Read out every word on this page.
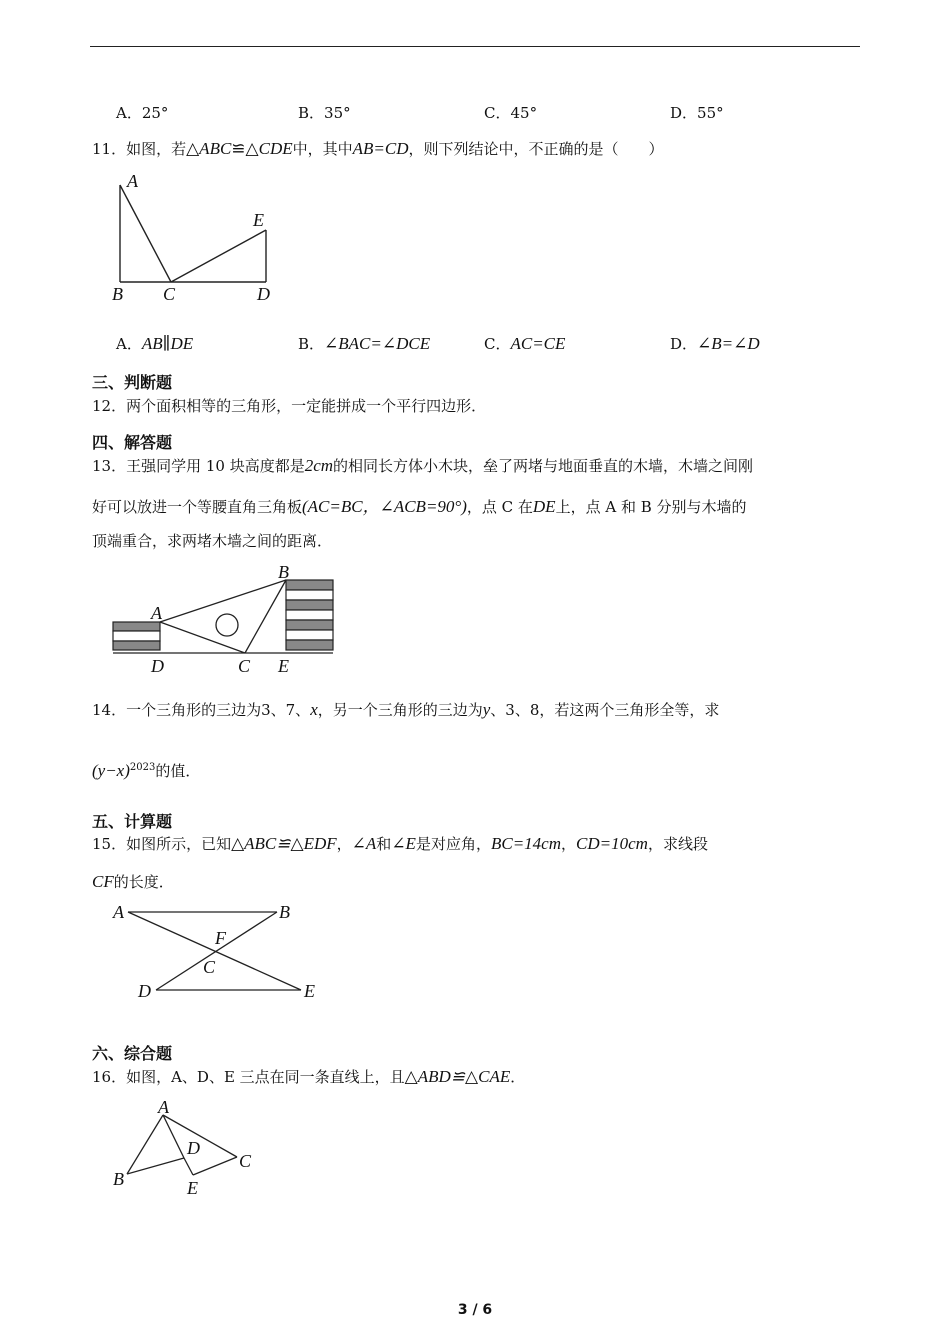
A．25°	B．35°	C．45°	D．55°
11．如图，若△ABC≌△CDE中，其中AB=CD，则下列结论中，不正确的是（　　）
A
B C	D
E
A．AB∥DE	B．∠BAC=∠DCE	C．AC=CE	D．∠B=∠D
三、判断题
12．两个面积相等的三角形，一定能拼成一个平行四边形．
四、解答题
13．王强同学用 10 块高度都是2cm的相同长方体小木块，垒了两堵与地面垂直的木墙，木墙之间刚
好可以放进一个等腰直角三角板(AC=BC，∠ACB=90°)，点 C 在DE上，点 A 和 B 分别与木墙的
顶端重合，求两堵木墙之间的距离．
A
B
C
D	E
14．一个三角形的三边为3、7、x，另一个三角形的三边为y、3、8，若这两个三角形全等，求
$(y-x)^{2023}$的值．
五、计算题
15．如图所示，已知△ABC≌△EDF，∠A和∠E是对应角，BC=14cm，CD=10cm，求线段
CF的长度．
A	B
C
D	E
F
六、综合题
16．如图，A、D、E 三点在同一条直线上，且△ABD≌△CAE．
A
B
C
D
E
3 / 6
